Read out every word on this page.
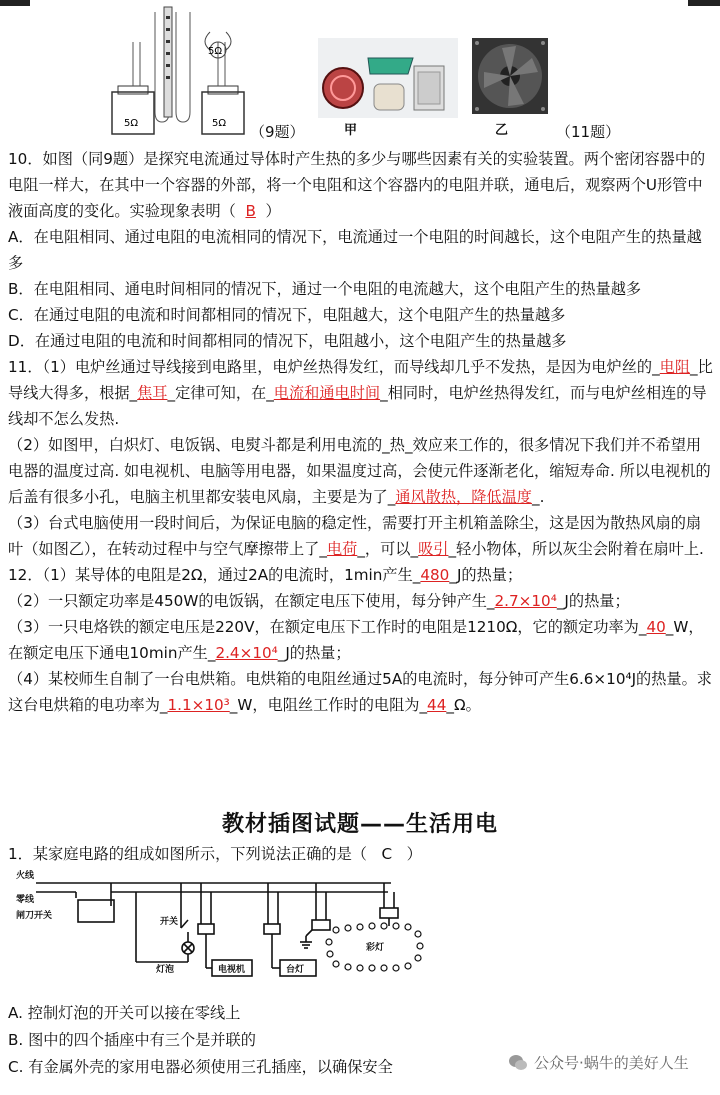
5Ω	5Ω
5Ω
（9题）	甲	乙	（11题）

10．如图（同9题）是探究电流通过导体时产生热的多少与哪些因素有关的实验装置。两个密闭容器中的电阻一样大，在其中一个容器的外部，将一个电阻和这个容器内的电阻并联，通电后，观察两个U形管中液面高度的变化。实验现象表明（ B ）

A．在电阻相同、通过电阻的电流相同的情况下，电流通过一个电阻的时间越长，这个电阻产生的热量越多

B．在电阻相同、通电时间相同的情况下，通过一个电阻的电流越大，这个电阻产生的热量越多

C．在通过电阻的电流和时间都相同的情况下，电阻越大，这个电阻产生的热量越多

D．在通过电阻的电流和时间都相同的情况下，电阻越小，这个电阻产生的热量越多

11．（1）电炉丝通过导线接到电路里，电炉丝热得发红，而导线却几乎不发热，是因为电炉丝的_电阻_比导线大得多，根据_焦耳_定律可知，在_电流和通电时间_相同时，电炉丝热得发红，而与电炉丝相连的导线却不怎么发热.

（2）如图甲，白炽灯、电饭锅、电熨斗都是利用电流的_热_效应来工作的，很多情况下我们并不希望用电器的温度过高. 如电视机、电脑等用电器，如果温度过高，会使元件逐渐老化，缩短寿命. 所以电视机的后盖有很多小孔，电脑主机里都安装电风扇，主要是为了_通风散热，降低温度_.

（3）台式电脑使用一段时间后，为保证电脑的稳定性，需要打开主机箱盖除尘，这是因为散热风扇的扇叶（如图乙），在转动过程中与空气摩擦带上了_电荷_，可以_吸引_轻小物体，所以灰尘会附着在扇叶上.

12．（1）某导体的电阻是2Ω，通过2A的电流时，1min产生_480_J的热量；

（2）一只额定功率是450W的电饭锅，在额定电压下使用，每分钟产生_2.7×10⁴_J的热量；

（3）一只电烙铁的额定电压是220V，在额定电压下工作时的电阻是1210Ω，它的额定功率为_40_W，在额定电压下通电10min产生_2.4×10⁴_J的热量；

（4）某校师生自制了一台电烘箱。电烘箱的电阻丝通过5A的电流时，每分钟可产生6.6×10⁴J的热量。求这台电烘箱的电功率为_1.1×10³_W，电阻丝工作时的电阻为_44_Ω。

教材插图试题——生活用电
1．某家庭电路的组成如图所示，下列说法正确的是（ C ）
火线
零线
闸刀开关
开关
灯泡	电视机	台灯
彩灯

A. 控制灯泡的开关可以接在零线上

B. 图中的四个插座中有三个是并联的

C. 有金属外壳的家用电器必须使用三孔插座，以确保安全	公众号·蜗牛的美好人生
